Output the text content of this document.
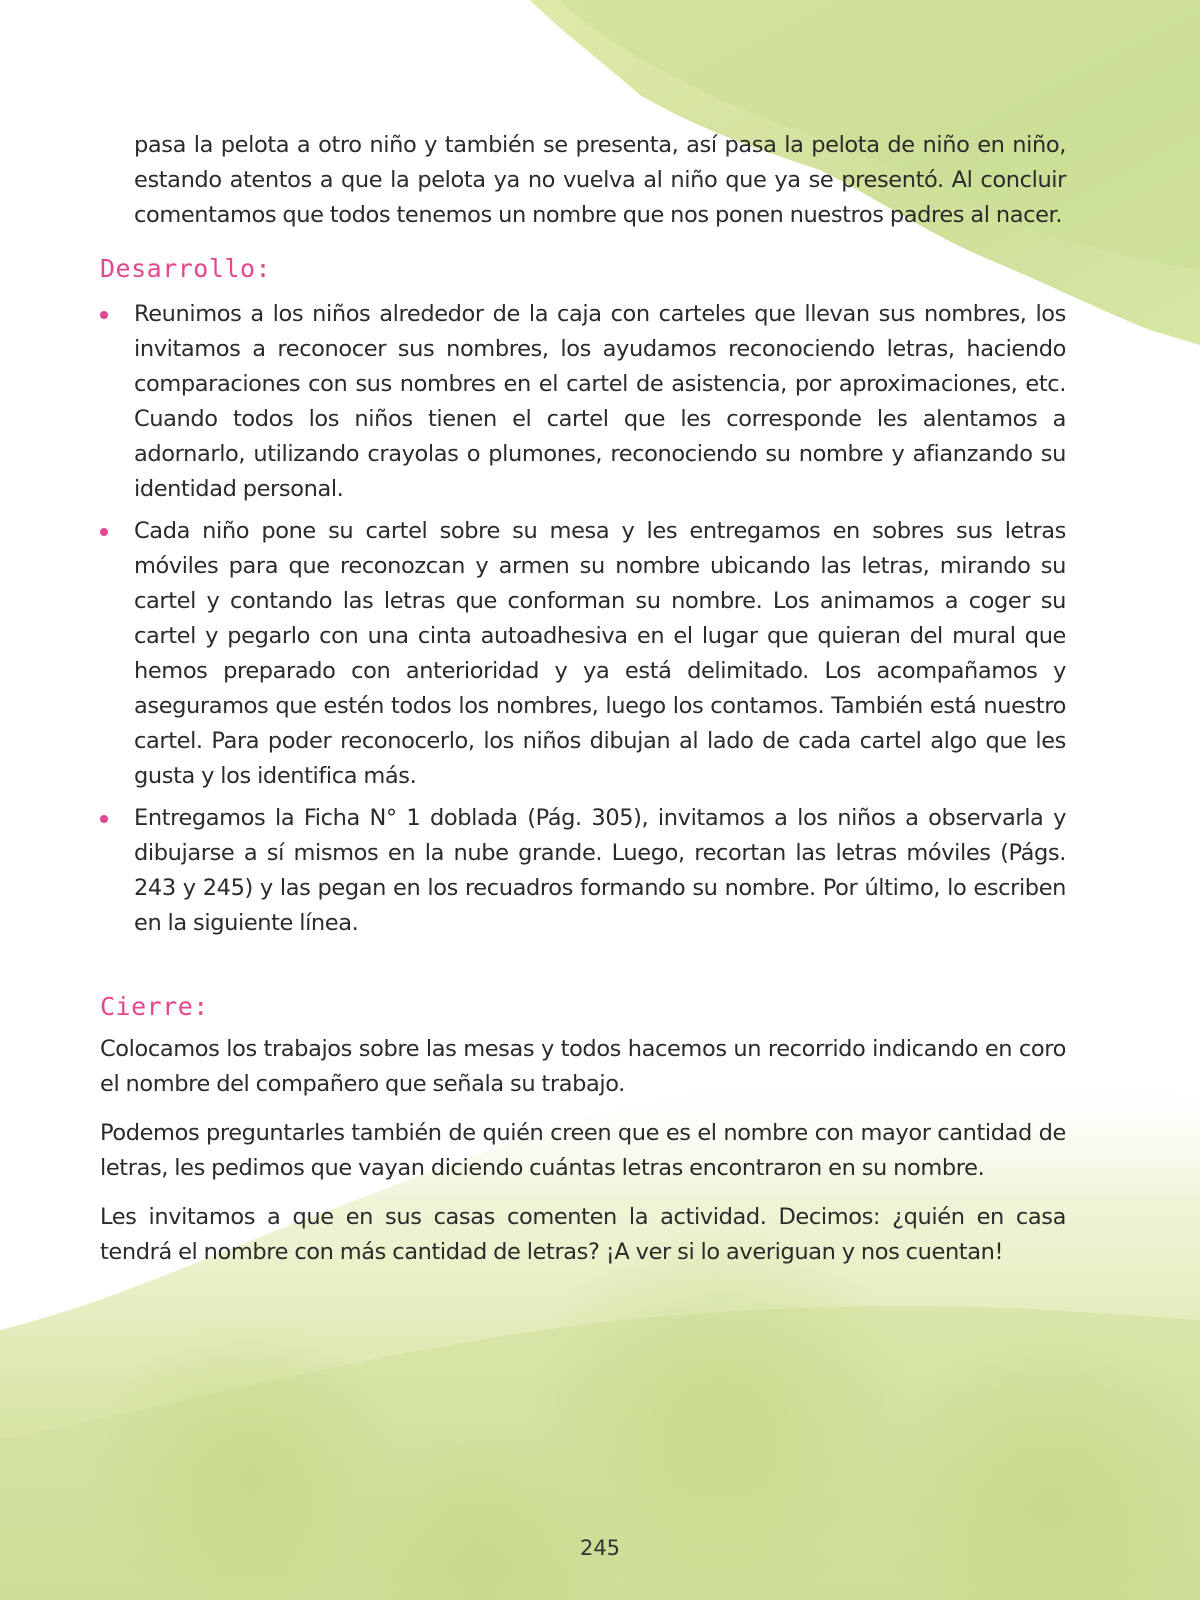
pasa la pelota a otro niño y también se presenta, así pasa la pelota de niño en niño, estando atentos a que la pelota ya no vuelva al niño que ya se presentó. Al concluir comentamos que todos tenemos un nombre que nos ponen nuestros padres al nacer.

Desarrollo:
Reunimos a los niños alrededor de la caja con carteles que llevan sus nombres, los invitamos a reconocer sus nombres, los ayudamos reconociendo letras, haciendo comparaciones con sus nombres en el cartel de asistencia, por aproximaciones, etc. Cuando todos los niños tienen el cartel que les corresponde les alentamos a adornarlo, utilizando crayolas o plumones, reconociendo su nombre y afianzando su identidad personal.
Cada niño pone su cartel sobre su mesa y les entregamos en sobres sus letras móviles para que reconozcan y armen su nombre ubicando las letras, mirando su cartel y contando las letras que conforman su nombre. Los animamos a coger su cartel y pegarlo con una cinta autoadhesiva en el lugar que quieran del mural que hemos preparado con anterioridad y ya está delimitado. Los acompañamos y aseguramos que estén todos los nombres, luego los contamos. También está nuestro cartel. Para poder reconocerlo, los niños dibujan al lado de cada cartel algo que les gusta y los identifica más.
Entregamos la Ficha N° 1 doblada (Pág. 305), invitamos a los niños a observarla y dibujarse a sí mismos en la nube grande. Luego, recortan las letras móviles (Págs. 243 y 245) y las pegan en los recuadros formando su nombre. Por último, lo escriben en la siguiente línea.
Cierre:

Colocamos los trabajos sobre las mesas y todos hacemos un recorrido indicando en coro el nombre del compañero que señala su trabajo.

Podemos preguntarles también de quién creen que es el nombre con mayor cantidad de letras, les pedimos que vayan diciendo cuántas letras encontraron en su nombre.

Les invitamos a que en sus casas comenten la actividad. Decimos: ¿quién en casa tendrá el nombre con más cantidad de letras? ¡A ver si lo averiguan y nos cuentan!

245
